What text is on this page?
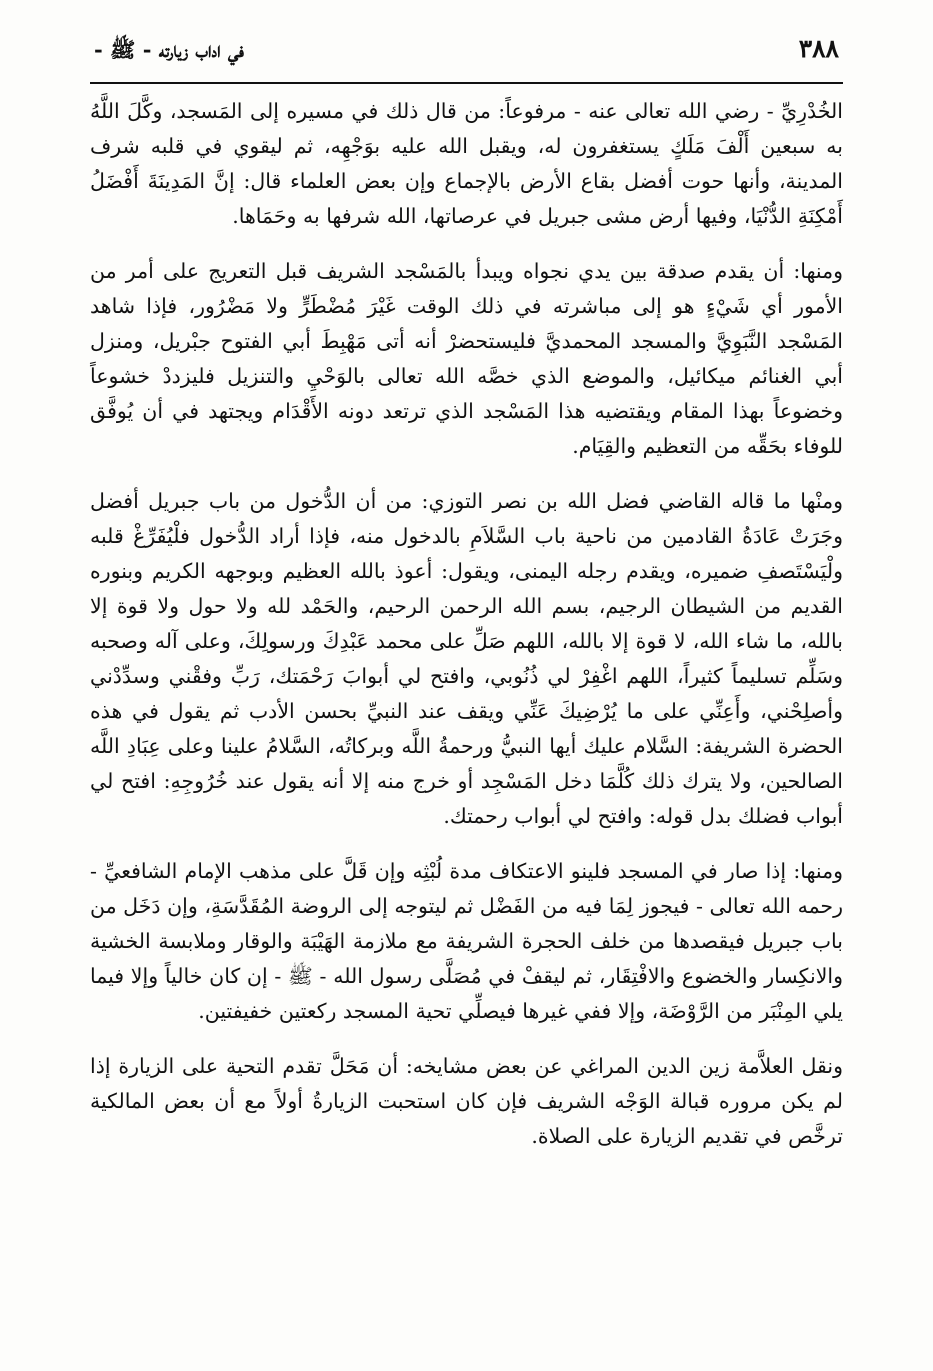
٣٨٨
في اداب زيارته - ﷺ -

الخُدْرِيِّ - رضي الله تعالى عنه - مرفوعاً: من قال ذلك في مسيره إلى المَسجد، وكَّلَ اللَّهُ به سبعين أَلْفَ مَلَكٍ يستغفرون له، ويقبل الله عليه بوَجْهِه، ثم ليقوي في قلبه شرف المدينة، وأنها حوت أفضل بقاع الأرض بالإجماع وإن بعض العلماء قال: إنَّ المَدِينَةَ أَفْضَلُ أَمْكِنَةِ الدُّنْيَا، وفيها أرض مشى جبريل في عرصاتها، الله شرفها به وحَمَاها.

ومنها: أن يقدم صدقة بين يدي نجواه ويبدأ بالمَسْجد الشريف قبل التعريج على أمر من الأمور أي شَيْءٍ هو إلى مباشرته في ذلك الوقت غَيْرَ مُضْطَرٍّ ولا مَضْرُور، فإذا شاهد المَسْجد النَّبَوِيَّ والمسجد المحمديَّ فليستحضرْ أنه أتى مَهْبِطَ أبي الفتوح جبْريل، ومنزل أبي الغنائم ميكائيل، والموضع الذي خصَّه الله تعالى بالوَحْيِ والتنزيل فليزددْ خشوعاً وخضوعاً بهذا المقام ويقتضيه هذا المَسْجد الذي ترتعد دونه الأَقْدَام ويجتهد في أن يُوفَّق للوفاء بحَقِّه من التعظيم والقِيَام.

ومنْها ما قاله القاضي فضل الله بن نصر التوزي: من أن الدُّخول من باب جبريل أفضل وجَرَتْ عَادَةُ القادمين من ناحية باب السَّلاَمِ بالدخول منه، فإذا أراد الدُّخول فلْيُفَرِّغْ قلبه ولْيَسْتَصفِ ضميره، ويقدم رجله اليمنى، ويقول: أعوذ بالله العظيم وبوجهه الكريم وبنوره القديم من الشيطان الرجيم، بسم الله الرحمن الرحيم، والحَمْد لله ولا حول ولا قوة إلا بالله، ما شاء الله، لا قوة إلا بالله، اللهم صَلِّ على محمد عَبْدِكَ ورسولِكَ، وعلى آله وصحبه وسَلِّم تسليماً كثيراً، اللهم اغْفِرْ لي ذُنُوبي، وافتح لي أبوابَ رَحْمَتك، رَبِّ وفقْني وسدِّدْني وأصلِحْني، وأَعِنِّي على ما يُرْضِيكَ عَنِّي ويقف عند النبيِّ بحسن الأدب ثم يقول في هذه الحضرة الشريفة: السَّلام عليك أيها النبيُّ ورحمةُ اللَّه وبركاتُه، السَّلامُ علينا وعلى عِبَادِ اللَّه الصالحين، ولا يترك ذلك كُلَّمَا دخل المَسْجِد أو خرج منه إلا أنه يقول عند خُرُوجِهِ: افتح لي أبواب فضلك بدل قوله: وافتح لي أبواب رحمتك.

ومنها: إذا صار في المسجد فلينو الاعتكاف مدة لُبْثِه وإن قَلَّ على مذهب الإمام الشافعيِّ - رحمه الله تعالى - فيجوز لِمَا فيه من الفَضْل ثم ليتوجه إلى الروضة المُقَدَّسَةِ، وإن دَخَل من باب جبريل فيقصدها من خلف الحجرة الشريفة مع ملازمة الهَيْبَة والوقار وملابسة الخشية والانكِسار والخضوع والافْتِقَار، ثم ليقفْ في مُصَلَّى رسول الله - ﷺ - إن كان خالياً وإلا فيما يلي المِنْبَر من الرَّوْضَة، وإلا ففي غيرها فيصلِّي تحية المسجد ركعتين خفيفتين.

ونقل العلاَّمة زين الدين المراغي عن بعض مشايخه: أن مَحَلَّ تقدم التحية على الزيارة إذا لم يكن مروره قبالة الوَجْه الشريف فإن كان استحبت الزيارةُ أولاً مع أن بعض المالكية ترخَّص في تقديم الزيارة على الصلاة.
